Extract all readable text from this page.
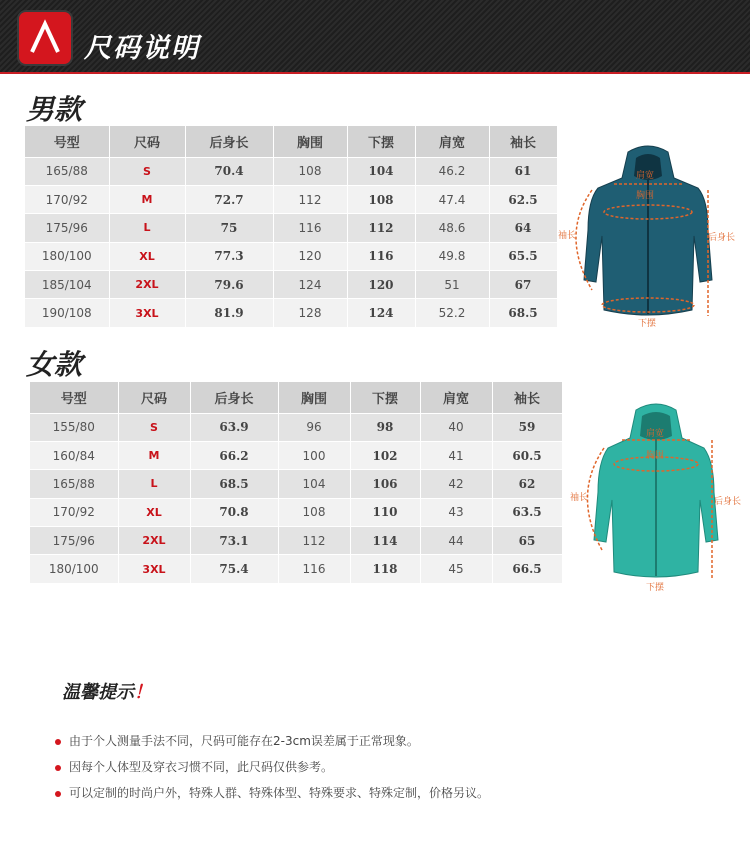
尺码说明
男款
号型	尺码	后身长	胸围	下摆	肩宽	袖长
165/88	S	70.4	108	104	46.2	61
170/92	M	72.7	112	108	47.4	62.5
175/96	L	75	116	112	48.6	64
180/100	XL	77.3	120	116	49.8	65.5
185/104	2XL	79.6	124	120	51	67
190/108	3XL	81.9	128	124	52.2	68.5
肩宽
胸围
袖长	后身长
下摆
女款
号型	尺码	后身长	胸围	下摆	肩宽	袖长
155/80	S	63.9	96	98	40	59
160/84	M	66.2	100	102	41	60.5
165/88	L	68.5	104	106	42	62
170/92	XL	70.8	108	110	43	63.5
175/96	2XL	73.1	112	114	44	65
180/100	3XL	75.4	116	118	45	66.5
肩宽
胸围
袖长	后身长
下摆
温馨提示！
由于个人测量手法不同，尺码可能存在2-3cm误差属于正常现象。
因每个人体型及穿衣习惯不同，此尺码仅供参考。
可以定制的时尚户外，特殊人群、特殊体型、特殊要求、特殊定制，价格另议。
